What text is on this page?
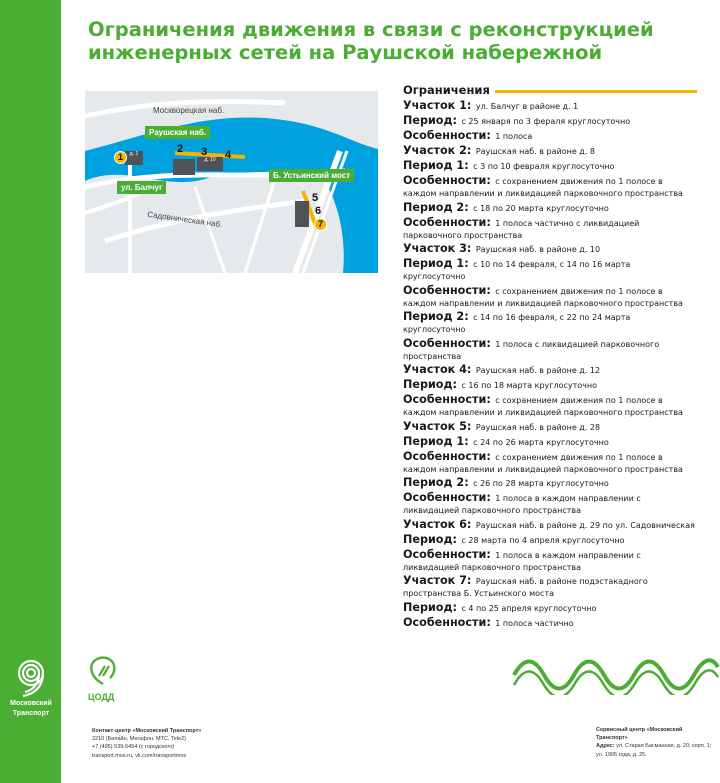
Московский
Транспорт
Ограничения движения в связи с реконструкцией инженерных сетей на Раушской набережной
Москворецкая наб.
Садовническая наб.
Раушская наб.
ул. Балчуг
Б. Устьинский мост
д. 1
д. 10
1
2 3 4
5
6
7
Ограничения
Участок 1: ул. Балчуг в районе д. 1
Период: с 25 января по 3 фераля круглосуточно
Особенности: 1 полоса
Участок 2: Раушская наб. в районе д. 8
Период 1: с 3 по 10 февраля круглосуточно
Особенности: с сохранением движения по 1 полосе в каждом направлении и ликвидацией парковочного пространства
Период 2: с 18 по 20 марта круглосуточно
Особенности: 1 полоса частично с ликвидацией парковочного пространства
Участок 3: Раушская наб. в районе д. 10
Период 1: с 10 по 14 февраля, с 14 по 16 марта круглосуточно
Особенности: с сохранением движения по 1 полосе в каждом направлении и ликвидацией парковочного пространства
Период 2: с 14 по 16 февраля, с 22 по 24 марта круглосуточно
Особенности: 1 полоса с ликвидацией парковочного пространства
Участок 4: Раушская наб. в районе д. 12
Период: с 16 по 18 марта круглосуточно
Особенности: с сохранением движения по 1 полосе в каждом направлении и ликвидацией парковочного пространства
Участок 5: Раушская наб. в районе д. 28
Период 1: с 24 по 26 марта круглосуточно
Особенности: с сохранением движения по 1 полосе в каждом направлении и ликвидацией парковочного пространства
Период 2: с 26 по 28 марта круглосуточно
Особенности: 1 полоса в каждом направлении с ликвидацией парковочного пространства
Участок 6: Раушская наб. в районе д. 29 по ул. Садовническая
Период: с 28 марта по 4 апреля круглосуточно
Особенности: 1 полоса в каждом направлении с ликвидацией парковочного пространства
Участок 7: Раушская наб. в районе подэстакадного пространства Б. Устьинского моста
Период: с 4 по 25 апреля круглосуточно
Особенности: 1 полоса частично
ЦОДД
Контакт-центр «Московский Транспорт»
3210 (Билайн, Мегафон, МТС, Tele2)
+7 (495) 539-5454 (с городского)
transport.mos.ru, vk.com/transportmos
Сервисный центр «Московский Транспорт»
Адрес: ул. Старая Басманная, д. 20, корп. 1;
ул. 1905 года, д. 25.
